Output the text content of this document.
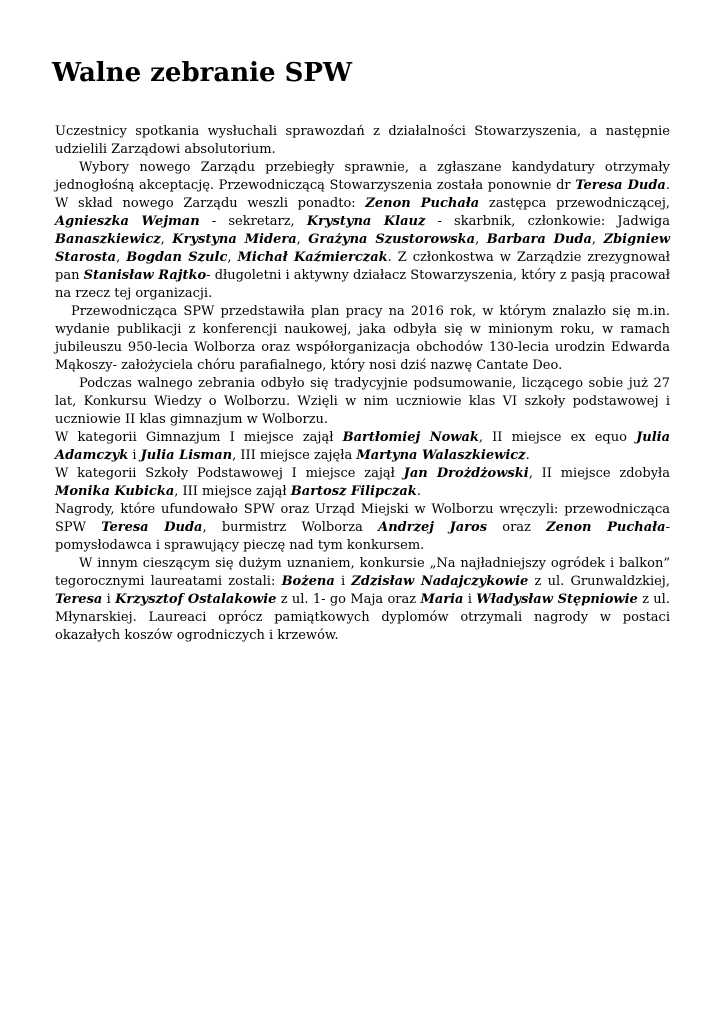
Walne zebranie SPW

Uczestnicy spotkania wysłuchali sprawozdań z działalności Stowarzyszenia, a następnie udzielili Zarządowi absolutorium.

Wybory nowego Zarządu przebiegły sprawnie, a zgłaszane kandydatury otrzymały jednogłośną akceptację. Przewodniczącą Stowarzyszenia została ponownie dr Teresa Duda. W skład nowego Zarządu weszli ponadto: Zenon Puchała zastępca przewodniczącej, Agnieszka Wejman - sekretarz, Krystyna Klauz - skarbnik, członkowie: Jadwiga Banaszkiewicz, Krystyna Midera, Grażyna Szustorowska, Barbara Duda, Zbigniew Starosta, Bogdan Szulc, Michał Kaźmierczak. Z członkostwa w Zarządzie zrezygnował pan Stanisław Rajtko- długoletni i aktywny działacz Stowarzyszenia, który z pasją pracował na rzecz tej organizacji.

Przewodnicząca SPW przedstawiła plan pracy na 2016 rok, w którym znalazło się m.in. wydanie publikacji z konferencji naukowej, jaka odbyła się w minionym roku, w ramach jubileuszu 950-lecia Wolborza oraz współorganizacja obchodów 130-lecia urodzin Edwarda Mąkoszy- założyciela chóru parafialnego, który nosi dziś nazwę Cantate Deo.

Podczas walnego zebrania odbyło się tradycyjnie podsumowanie, liczącego sobie już 27 lat, Konkursu Wiedzy o Wolborzu. Wzięli w nim uczniowie klas VI szkoły podstawowej i uczniowie II klas gimnazjum w Wolborzu.

W kategorii Gimnazjum I miejsce zajął Bartłomiej Nowak, II miejsce ex equo Julia Adamczyk i Julia Lisman, III miejsce zajęła Martyna Walaszkiewicz.

W kategorii Szkoły Podstawowej I miejsce zajął Jan Drożdżowski, II miejsce zdobyła Monika Kubicka, III miejsce zajął Bartosz Filipczak.

Nagrody, które ufundowało SPW oraz Urząd Miejski w Wolborzu wręczyli: przewodnicząca SPW Teresa Duda, burmistrz Wolborza Andrzej Jaros oraz Zenon Puchała- pomysłodawca i sprawujący pieczę nad tym konkursem.

W innym cieszącym się dużym uznaniem, konkursie „Na najładniejszy ogródek i balkon” tegorocznymi laureatami zostali: Bożena i Zdzisław Nadajczykowie z ul. Grunwaldzkiej, Teresa i Krzysztof Ostalakowie z ul. 1- go Maja oraz Maria i Władysław Stępniowie z ul. Młynarskiej. Laureaci oprócz pamiątkowych dyplomów otrzymali nagrody w postaci okazałych koszów ogrodniczych i krzewów.
